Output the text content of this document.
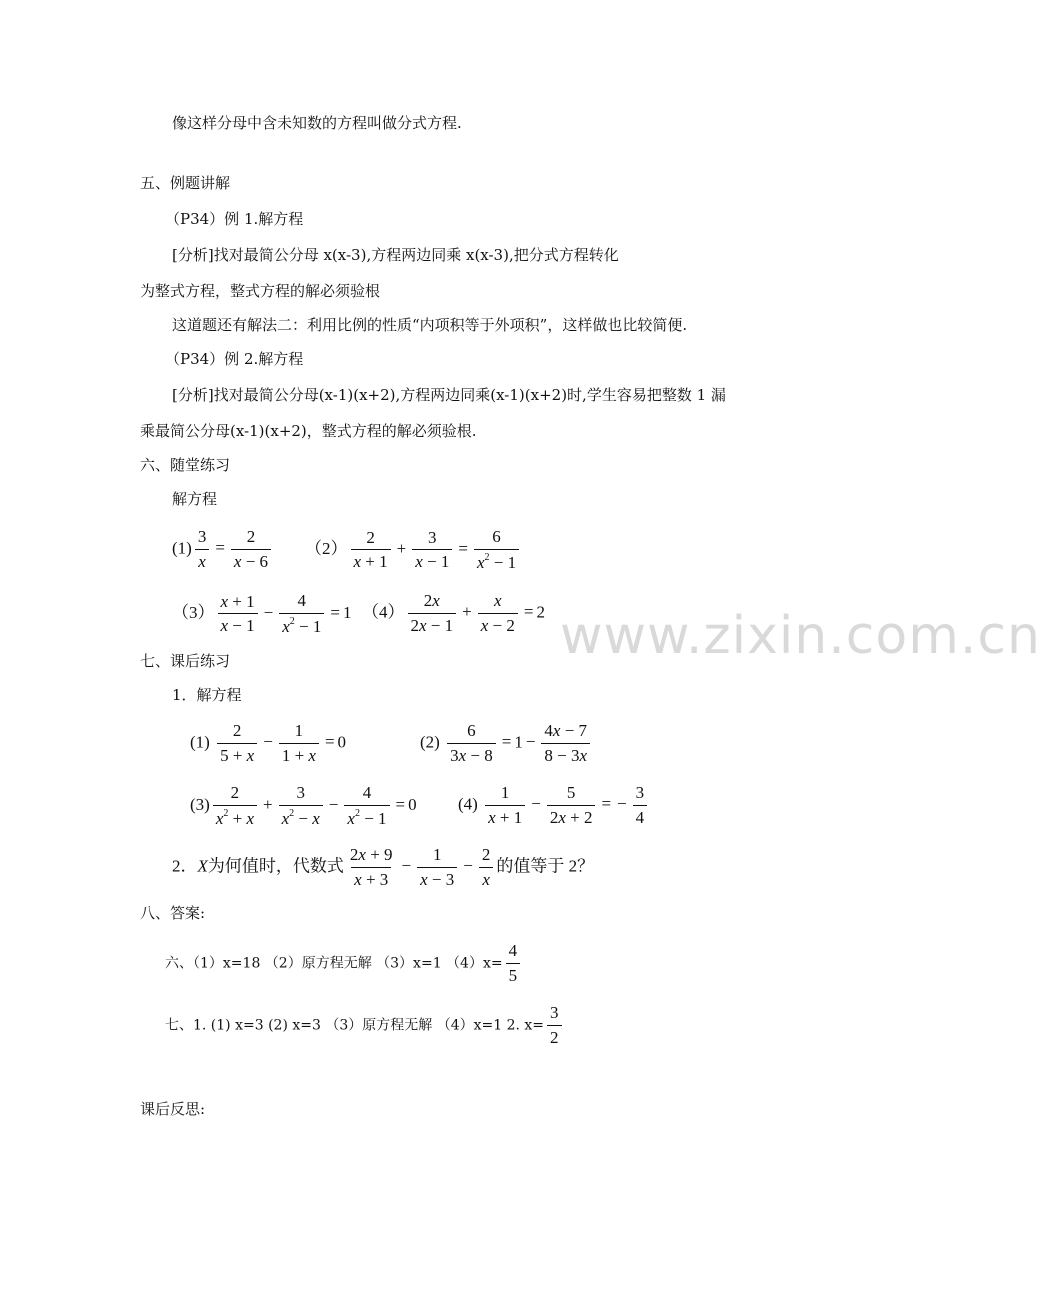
像这样分母中含未知数的方程叫做分式方程.
五、例题讲解
（P34）例 1.解方程
[分析]找对最简公分母 x(x-3),方程两边同乘 x(x-3),把分式方程转化
为整式方程，整式方程的解必须验根
这道题还有解法二：利用比例的性质“内项积等于外项积”，这样做也比较简便.
（P34）例 2.解方程
[分析]找对最简公分母(x-1)(x+2),方程两边同乘(x-1)(x+2)时,学生容易把整数 1 漏
乘最简公分母(x-1)(x+2)，整式方程的解必须验根.
六、随堂练习
解方程
$(1) \frac{3}{x} = \frac{2}{x - 6} (2) \frac{2}{x + 1} + \frac{3}{x - 1} = \frac{6}{x^2 - 1}$
$(3) \frac{x + 1}{x - 1} - \frac{4}{x^2 - 1} = 1$ $(4) \frac{2x}{2x - 1} + \frac{x}{x - 2} = 2$ www.zixin.com.cn
七、课后练习
1．解方程
$(1) \frac{2}{5 + x} - \frac{1}{1 + x} = 0$	$(2) \frac{6}{3x - 8} = 1 - \frac{4x - 7}{8 - 3x}$
$(3) \frac{2}{x^2 + x} + \frac{3}{x^2 - x} - \frac{4}{x^2 - 1} = 0$ $(4) \frac{1}{x + 1} - \frac{5}{2x + 2}$ = − $\frac{3}{4}$
2．X为何值时，代数式 $\frac{2x + 9}{x + 3} - \frac{1}{x - 3} - \frac{2}{x}$ 的值等于 2？
八、答案:
六、（1）x=18 （2）原方程无解 （3）x=1 $(4)x= \frac{4}{5}$
七、1. (1) x=3 (2) x=3 （3）原方程无解 （4）x=1 2. $x= \frac{3}{2}$
课后反思:
